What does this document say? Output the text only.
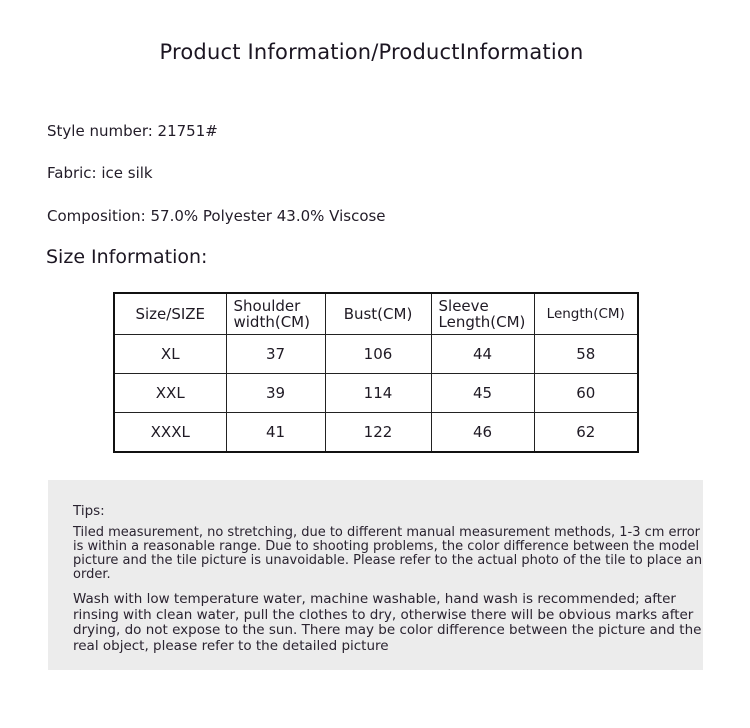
Product Information/ProductInformation
Style number: 21751#
Fabric: ice silk
Composition: 57.0% Polyester 43.0% Viscose
Size Information:
Size/SIZE	Shoulder width(CM)	Bust(CM)	Sleeve Length(CM)	Length(CM)
XL	37	106	44	58
XXL	39	114	45	60
XXXL	41	122	46	62
Tips:
Tiled measurement, no stretching, due to different manual measurement methods, 1-3 cm error is within a reasonable range. Due to shooting problems, the color difference between the model picture and the tile picture is unavoidable. Please refer to the actual photo of the tile to place an order.
Wash with low temperature water, machine washable, hand wash is recommended; after rinsing with clean water, pull the clothes to dry, otherwise there will be obvious marks after drying, do not expose to the sun. There may be color difference between the picture and the real object, please refer to the detailed picture
